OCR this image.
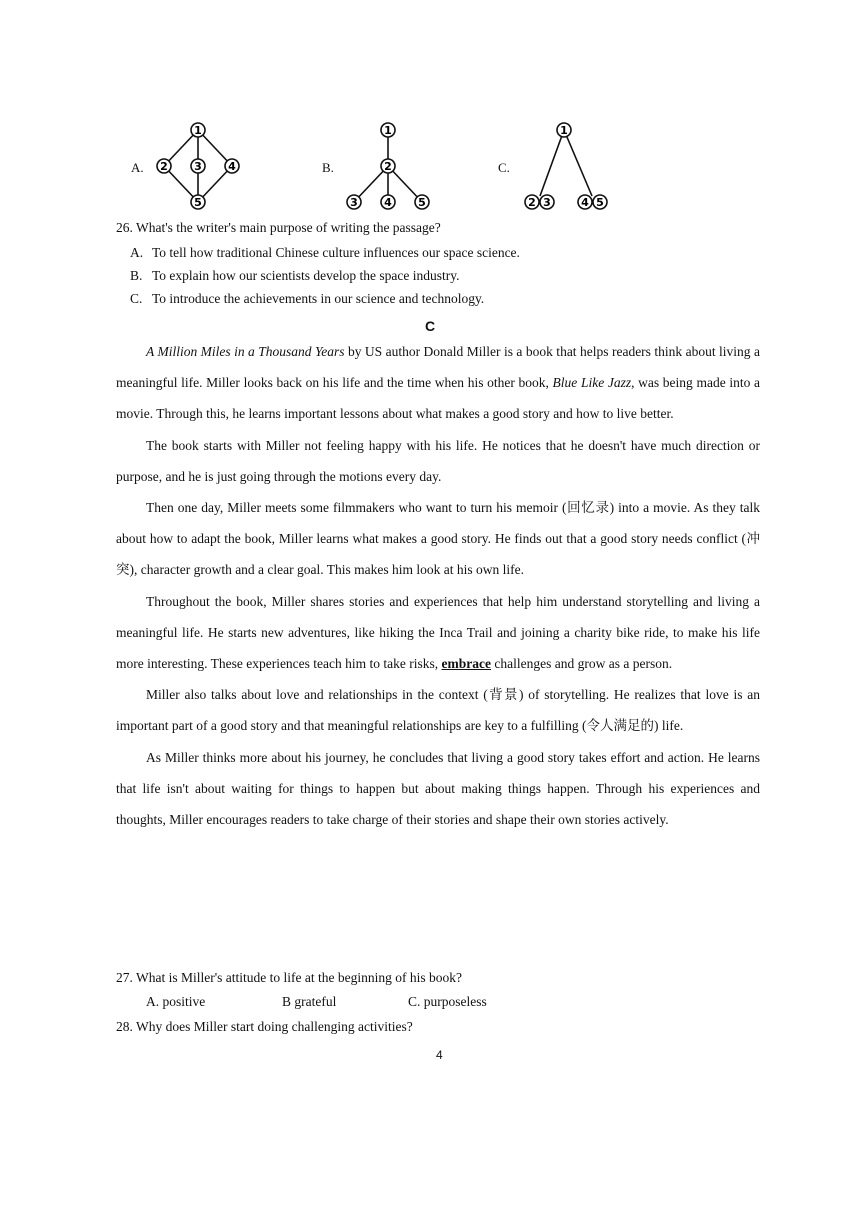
A.
1
2 3 4
5
B.
1
2
3 4 5
C.
1
2 3	4 5
26. What's the writer's main purpose of writing the passage?
A. To tell how traditional Chinese culture influences our space science.
B. To explain how our scientists develop the space industry.
C. To introduce the achievements in our science and technology.
C

A Million Miles in a Thousand Years by US author Donald Miller is a book that helps readers think about living a meaningful life. Miller looks back on his life and the time when his other book, Blue Like Jazz, was being made into a movie. Through this, he learns important lessons about what makes a good story and how to live better.

The book starts with Miller not feeling happy with his life. He notices that he doesn't have much direction or purpose, and he is just going through the motions every day.

Then one day, Miller meets some filmmakers who want to turn his memoir (回忆录) into a movie. As they talk about how to adapt the book, Miller learns what makes a good story. He finds out that a good story needs conflict (冲突), character growth and a clear goal. This makes him look at his own life.

Throughout the book, Miller shares stories and experiences that help him understand storytelling and living a meaningful life. He starts new adventures, like hiking the Inca Trail and joining a charity bike ride, to make his life more interesting. These experiences teach him to take risks, embrace challenges and grow as a person.

Miller also talks about love and relationships in the context (背景) of storytelling. He realizes that love is an important part of a good story and that meaningful relationships are key to a fulfilling (令人满足的) life.

As Miller thinks more about his journey, he concludes that living a good story takes effort and action. He learns that life isn't about waiting for things to happen but about making things happen. Through his experiences and thoughts, Miller encourages readers to take charge of their stories and shape their own stories actively.

27. What is Miller's attitude to life at the beginning of his book?
A. positive	B grateful	C. purposeless
28. Why does Miller start doing challenging activities?
4
